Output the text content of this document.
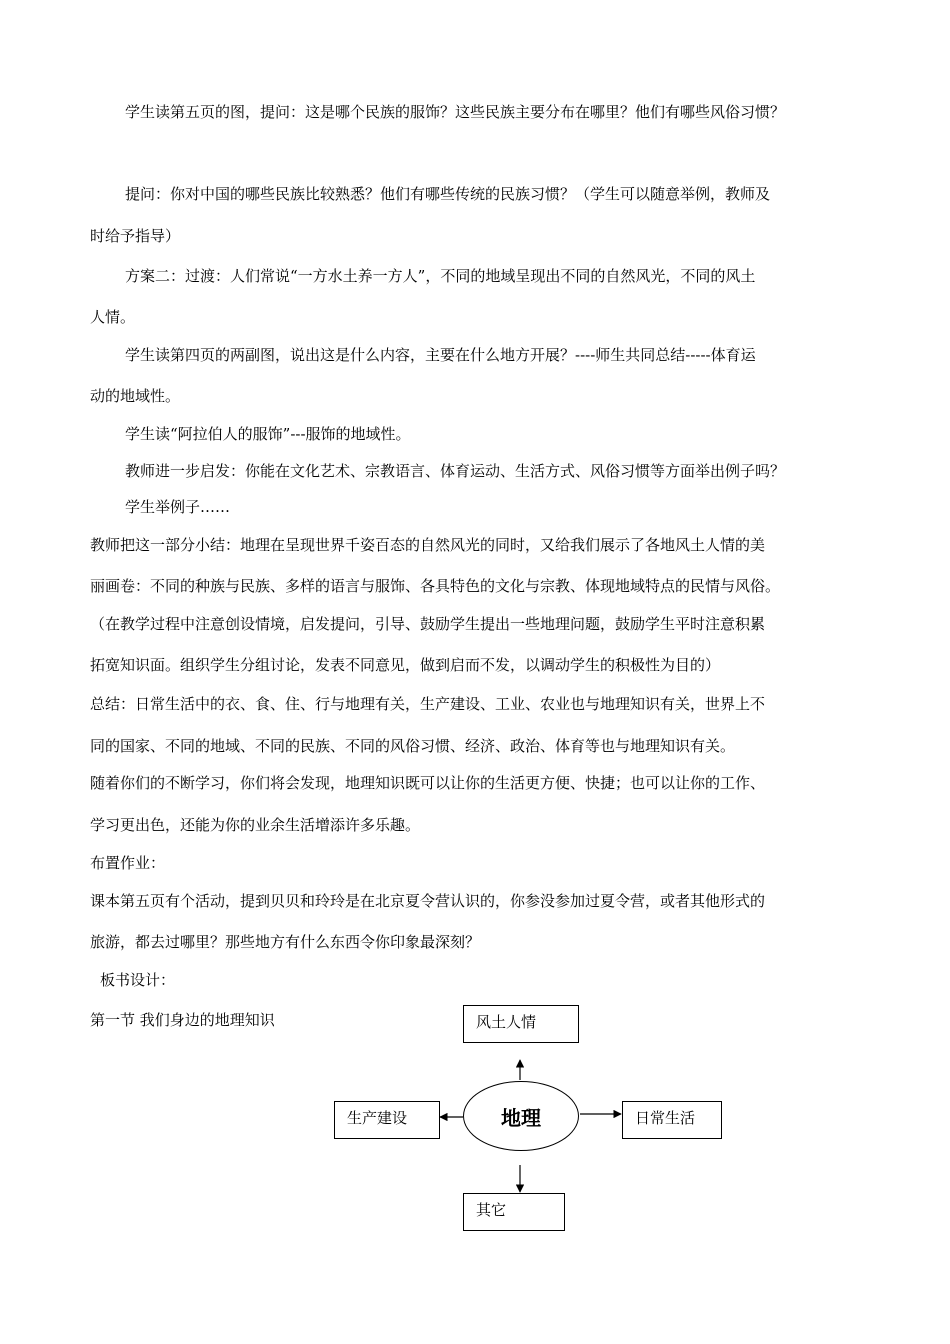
学生读第五页的图，提问：这是哪个民族的服饰？这些民族主要分布在哪里？他们有哪些风俗习惯？
提问：你对中国的哪些民族比较熟悉？他们有哪些传统的民族习惯？（学生可以随意举例，教师及
时给予指导）
方案二：过渡：人们常说“一方水土养一方人”，不同的地域呈现出不同的自然风光，不同的风土
人情。
学生读第四页的两副图，说出这是什么内容，主要在什么地方开展？----师生共同总结-----体育运
动的地域性。
学生读“阿拉伯人的服饰”---服饰的地域性。
教师进一步启发：你能在文化艺术、宗教语言、体育运动、生活方式、风俗习惯等方面举出例子吗？
学生举例子……
教师把这一部分小结：地理在呈现世界千姿百态的自然风光的同时，又给我们展示了各地风土人情的美
丽画卷：不同的种族与民族、多样的语言与服饰、各具特色的文化与宗教、体现地域特点的民情与风俗。
（在教学过程中注意创设情境，启发提问，引导、鼓励学生提出一些地理问题，鼓励学生平时注意积累
拓宽知识面。组织学生分组讨论，发表不同意见，做到启而不发，以调动学生的积极性为目的）
总结：日常生活中的衣、食、住、行与地理有关，生产建设、工业、农业也与地理知识有关，世界上不
同的国家、不同的地域、不同的民族、不同的风俗习惯、经济、政治、体育等也与地理知识有关。
随着你们的不断学习，你们将会发现，地理知识既可以让你的生活更方便、快捷；也可以让你的工作、
学习更出色，还能为你的业余生活增添许多乐趣。
布置作业：
课本第五页有个活动，提到贝贝和玲玲是在北京夏令营认识的，你参没参加过夏令营，或者其他形式的
旅游，都去过哪里？那些地方有什么东西令你印象最深刻？
板书设计：
第一节 我们身边的地理知识	风土人情
生产建设	日常生活
其它
地理
